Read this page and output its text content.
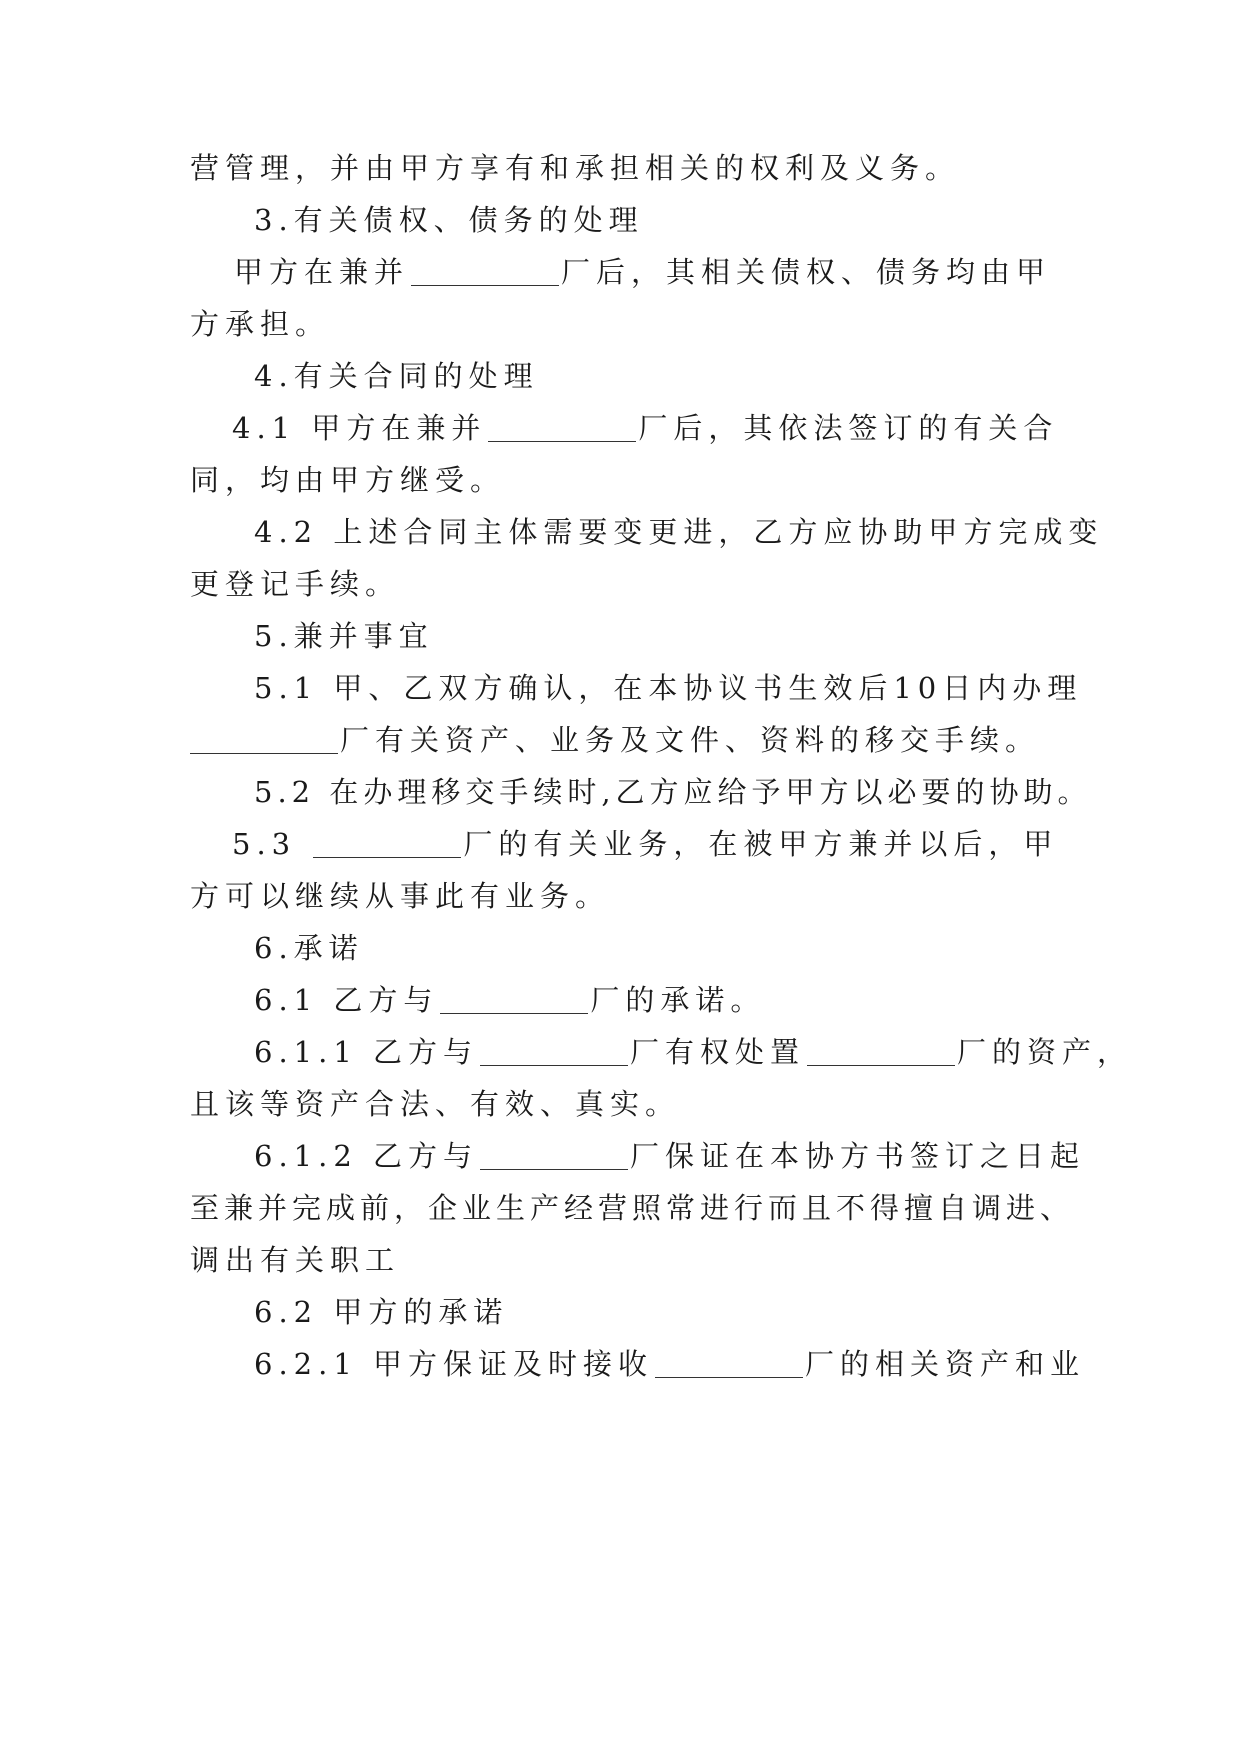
营管理，并由甲方享有和承担相关的权利及义务。
3.有关债权、债务的处理
甲方在兼并	厂后，其相关债权、债务均由甲
方承担。
4.有关合同的处理
4.1 甲方在兼并	厂后，其依法签订的有关合
同，均由甲方继受。
4.2 上述合同主体需要变更进，乙方应协助甲方完成变
更登记手续。
5.兼并事宜
5.1 甲、乙双方确认，在本协议书生效后10日内办理
厂有关资产、业务及文件、资料的移交手续。
5.2 在办理移交手续时,乙方应给予甲方以必要的协助。
5.3	厂的有关业务，在被甲方兼并以后，甲
方可以继续从事此有业务。
6.承诺
6.1 乙方与	厂的承诺。
6.1.1 乙方与	厂有权处置	厂的资产，
且该等资产合法、有效、真实。
6.1.2 乙方与	厂保证在本协方书签订之日起
至兼并完成前，企业生产经营照常进行而且不得擅自调进、
调出有关职工
6.2 甲方的承诺
6.2.1 甲方保证及时接收	厂的相关资产和业
